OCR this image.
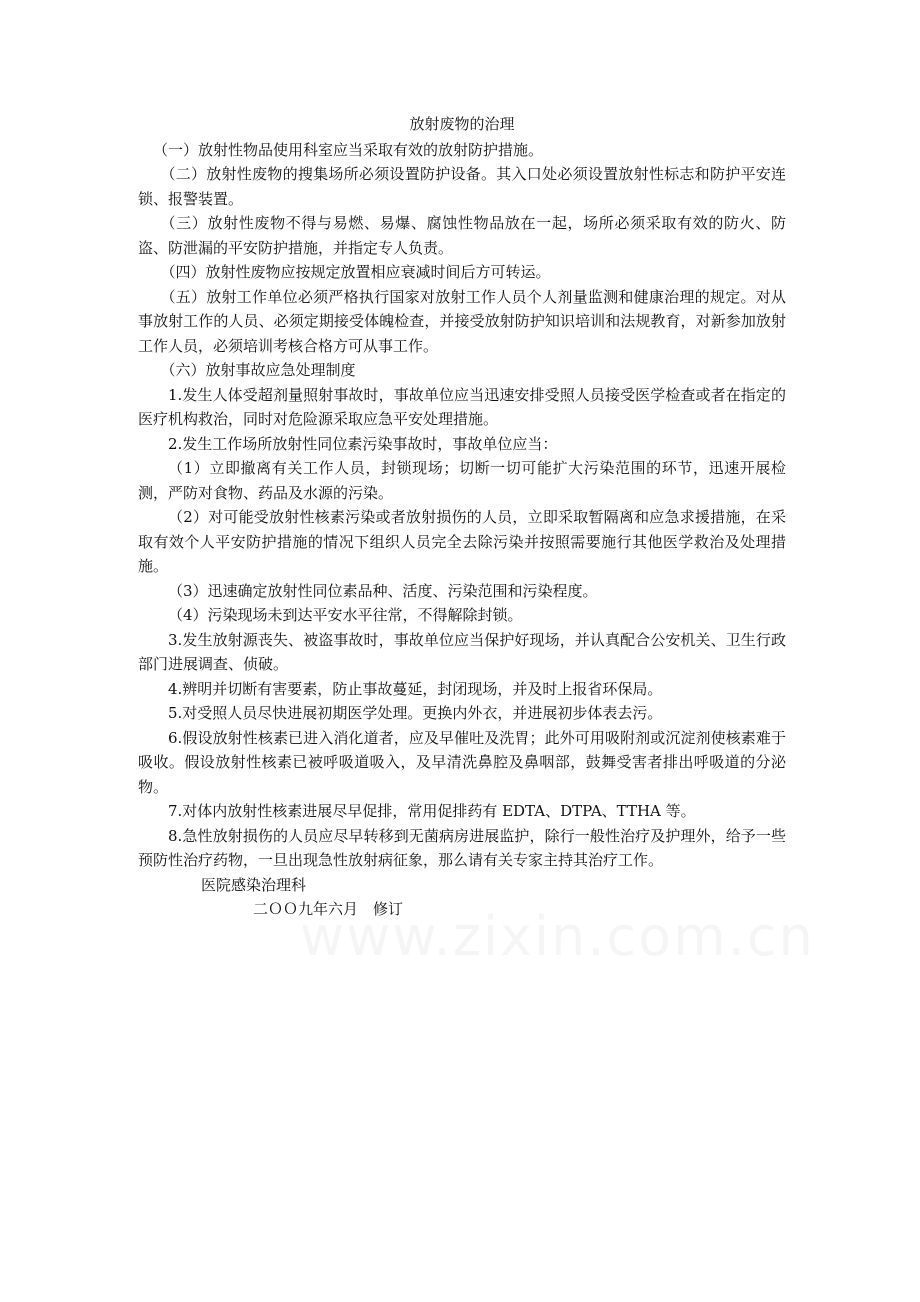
放射废物的治理

（一）放射性物品使用科室应当采取有效的放射防护措施。

（二）放射性废物的搜集场所必须设置防护设备。其入口处必须设置放射性标志和防护平安连锁、报警装置。

（三）放射性废物不得与易燃、易爆、腐蚀性物品放在一起，场所必须采取有效的防火、防盗、防泄漏的平安防护措施，并指定专人负责。

（四）放射性废物应按规定放置相应衰减时间后方可转运。

（五）放射工作单位必须严格执行国家对放射工作人员个人剂量监测和健康治理的规定。对从事放射工作的人员、必须定期接受体魄检查，并接受放射防护知识培训和法规教育，对新参加放射工作人员，必须培训考核合格方可从事工作。

（六）放射事故应急处理制度

1.发生人体受超剂量照射事故时，事故单位应当迅速安排受照人员接受医学检查或者在指定的医疗机构救治，同时对危险源采取应急平安处理措施。

2.发生工作场所放射性同位素污染事故时，事故单位应当：

（1）立即撤离有关工作人员，封锁现场；切断一切可能扩大污染范围的环节，迅速开展检测，严防对食物、药品及水源的污染。

（2）对可能受放射性核素污染或者放射损伤的人员，立即采取暂隔离和应急求援措施，在采取有效个人平安防护措施的情况下组织人员完全去除污染并按照需要施行其他医学救治及处理措施。

（3）迅速确定放射性同位素品种、活度、污染范围和污染程度。

（4）污染现场未到达平安水平往常，不得解除封锁。

3.发生放射源丧失、被盗事故时，事故单位应当保护好现场，并认真配合公安机关、卫生行政部门进展调查、侦破。

4.辨明并切断有害要素，防止事故蔓延，封闭现场，并及时上报省环保局。

5.对受照人员尽快进展初期医学处理。更换内外衣，并进展初步体表去污。

6.假设放射性核素已进入消化道者，应及早催吐及洗胃；此外可用吸附剂或沉淀剂使核素难于吸收。假设放射性核素已被呼吸道吸入，及早清洗鼻腔及鼻咽部，鼓舞受害者排出呼吸道的分泌物。

7.对体内放射性核素进展尽早促排，常用促排药有 EDTA、DTPA、TTHA 等。

8.急性放射损伤的人员应尽早转移到无菌病房进展监护，除行一般性治疗及护理外，给予一些预防性治疗药物，一旦出现急性放射病征象，那么请有关专家主持其治疗工作。

医院感染治理科

二ＯＯ九年六月　修订
